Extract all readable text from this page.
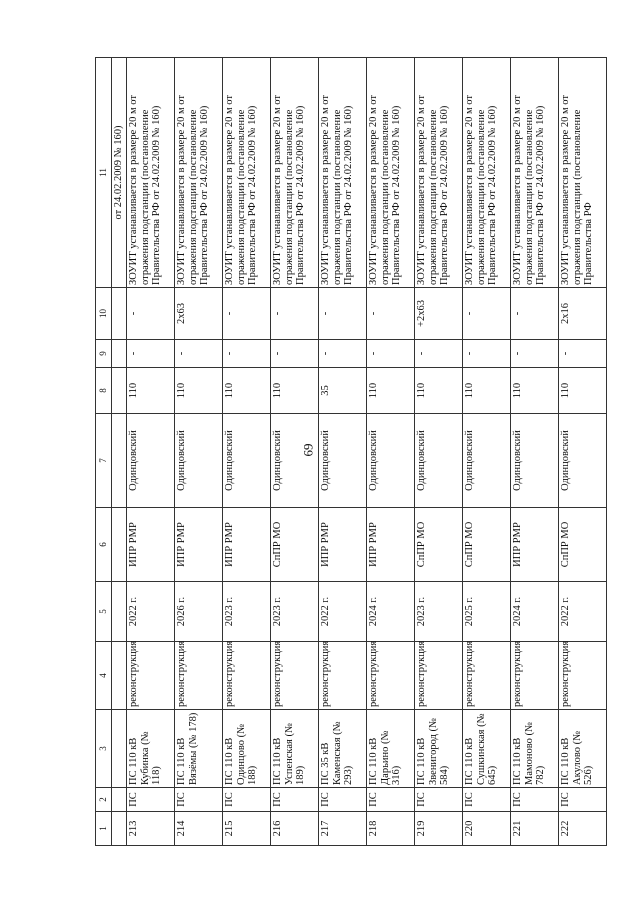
69
1	2	3	4	5	6	7	8	9	10	11
										от 24.02.2009 № 160)
213	ПС	ПС 110 кВ Кубинка (№ 118)	реконструкция	2022 г.	ИПР РМР	Одинцовский	110	-	-	ЗОУИТ устанавливается в размере 20 м от отражения подстанции (постановление Правительства РФ от 24.02.2009 № 160)
214	ПС	ПС 110 кВ Вязёмы (№ 178)	реконструкция	2026 г.	ИПР РМР	Одинцовский	110	-	2х63	ЗОУИТ устанавливается в размере 20 м от отражения подстанции (постановление Правительства РФ от 24.02.2009 № 160)
215	ПС	ПС 110 кВ Одинцово (№ 188)	реконструкция	2023 г.	ИПР РМР	Одинцовский	110	-	-	ЗОУИТ устанавливается в размере 20 м от отражения подстанции (постановление Правительства РФ от 24.02.2009 № 160)
216	ПС	ПС 110 кВ Успенская (№ 189)	реконструкция	2023 г.	СпПР МО	Одинцовский	110	-	-	ЗОУИТ устанавливается в размере 20 м от отражения подстанции (постановление Правительства РФ от 24.02.2009 № 160)
217	ПС	ПС 35 кВ Каменская (№ 293)	реконструкция	2022 г.	ИПР РМР	Одинцовский	35	-	-	ЗОУИТ устанавливается в размере 20 м от отражения подстанции (постановление Правительства РФ от 24.02.2009 № 160)
218	ПС	ПС 110 кВ Дарьино (№ 316)	реконструкция	2024 г.	ИПР РМР	Одинцовский	110	-	-	ЗОУИТ устанавливается в размере 20 м от отражения подстанции (постановление Правительства РФ от 24.02.2009 № 160)
219	ПС	ПС 110 кВ Звенигород (№ 584)	реконструкция	2023 г.	СпПР МО	Одинцовский	110	-	+2х63	ЗОУИТ устанавливается в размере 20 м от отражения подстанции (постановление Правительства РФ от 24.02.2009 № 160)
220	ПС	ПС 110 кВ Сушкинская (№ 645)	реконструкция	2025 г.	СпПР МО	Одинцовский	110	-	-	ЗОУИТ устанавливается в размере 20 м от отражения подстанции (постановление Правительства РФ от 24.02.2009 № 160)
221	ПС	ПС 110 кВ Мамоново (№ 782)	реконструкция	2024 г.	ИПР РМР	Одинцовский	110	-	-	ЗОУИТ устанавливается в размере 20 м от отражения подстанции (постановление Правительства РФ от 24.02.2009 № 160)
222	ПС	ПС 110 кВ Акулово (№ 526)	реконструкция	2022 г.	СпПР МО	Одинцовский	110	-	2х16	ЗОУИТ устанавливается в размере 20 м от отражения подстанции (постановление Правительства РФ
